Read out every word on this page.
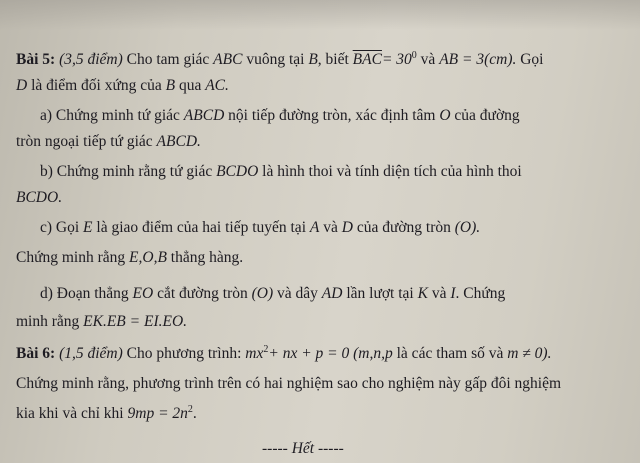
Bài 5: (3,5 điểm) Cho tam giác ABC vuông tại B, biết $\overline{BAC}= 30^0$ và AB = 3(cm). Gọi
D là điểm đối xứng của B qua AC.
a) Chứng minh tứ giác ABCD nội tiếp đường tròn, xác định tâm O của đường
tròn ngoại tiếp tứ giác ABCD.
b) Chứng minh rằng tứ giác BCDO là hình thoi và tính diện tích của hình thoi
BCDO.
c) Gọi E là giao điểm của hai tiếp tuyến tại A và D của đường tròn (O).
Chứng minh rằng E,O,B thẳng hàng.
d) Đoạn thẳng EO cắt đường tròn (O) và dây AD lần lượt tại K và I. Chứng
minh rằng EK.EB = EI.EO.
Bài 6: (1,5 điểm) Cho phương trình: $mx^2+$ nx + p = 0 (m,n,p là các tham số và m ≠ 0).
Chứng minh rằng, phương trình trên có hai nghiệm sao cho nghiệm này gấp đôi nghiệm
kia khi và chỉ khi $9mp = 2n^2$.
----- Hết -----
